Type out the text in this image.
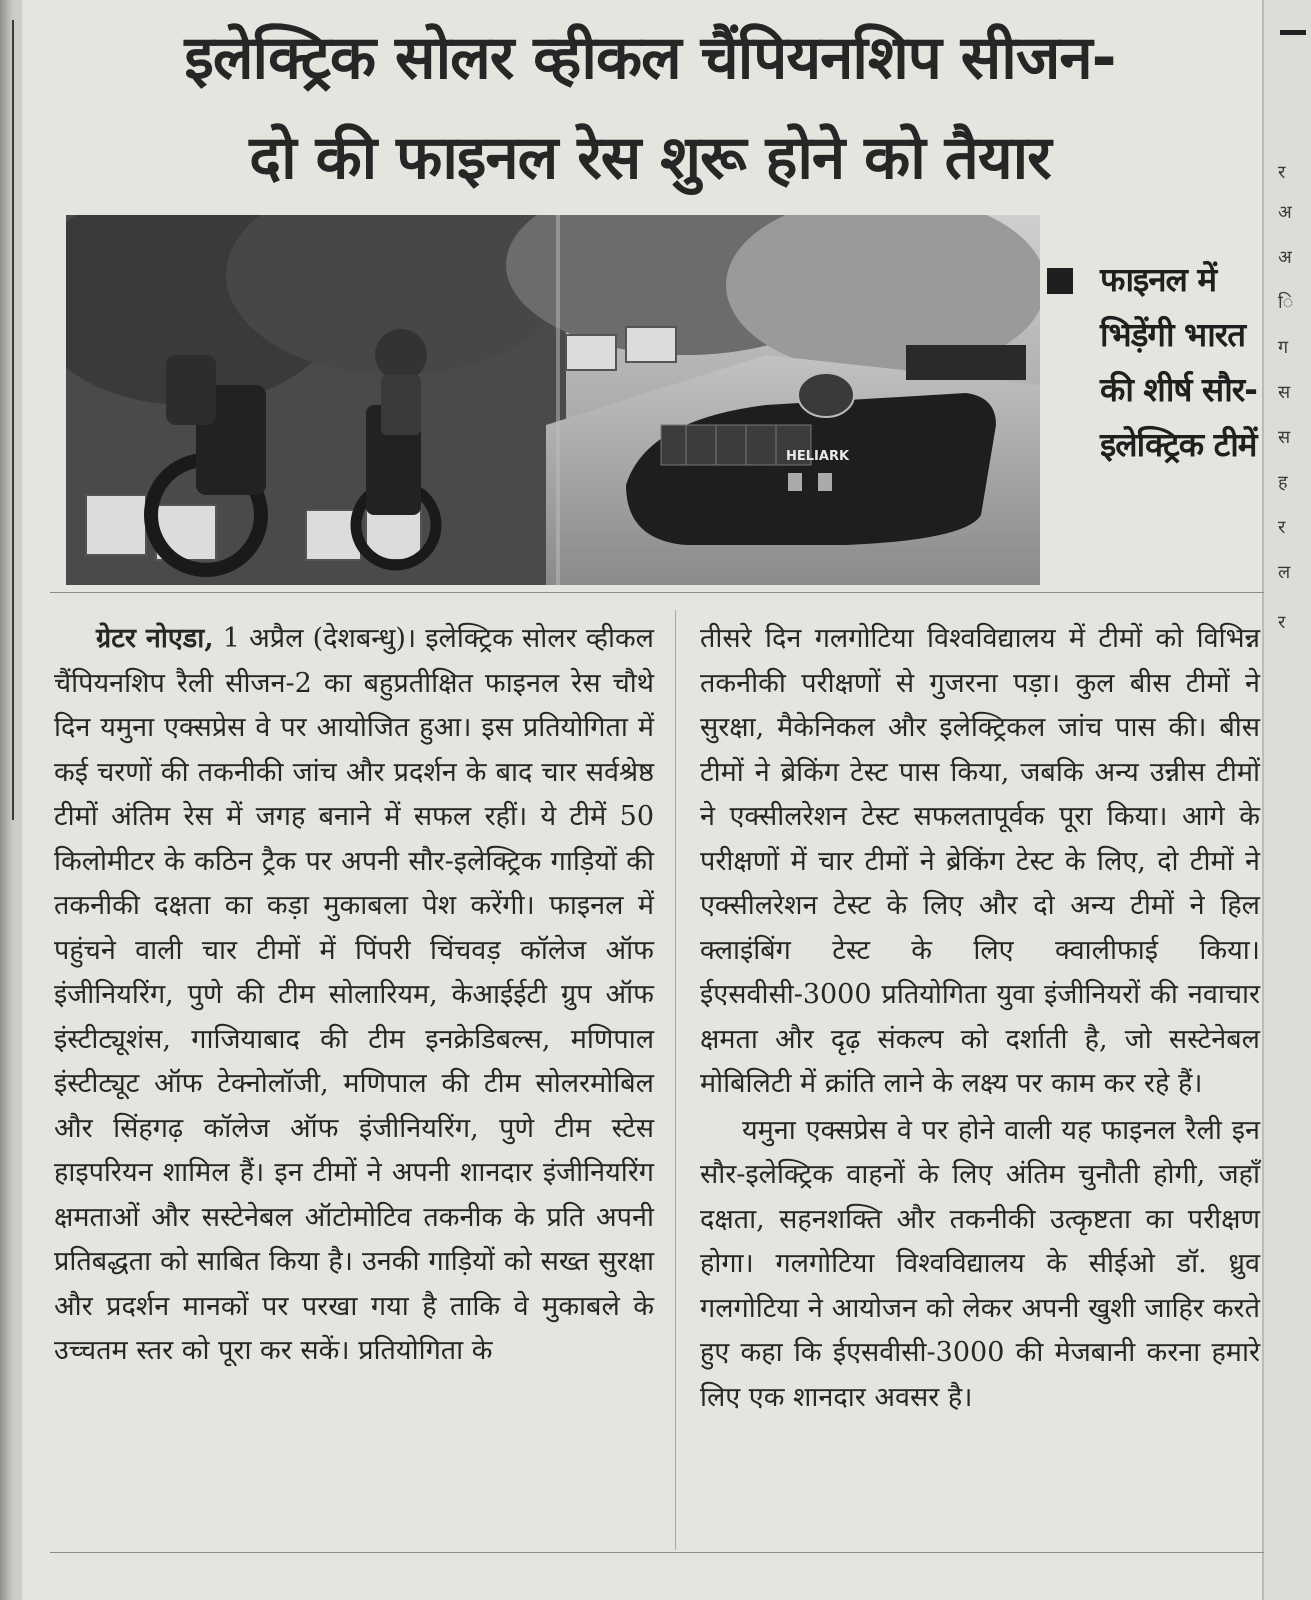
र
अ
अ
ि
ग
स
स
ह
र
ल
र
इलेक्ट्रिक सोलर व्हीकल चैंपियनशिप सीजन-
दो की फाइनल रेस शुरू होने को तैयार
HELIARK
फाइनल में भिड़ेंगी भारत की शीर्ष सौर-इलेक्ट्रिक टीमें

ग्रेटर नोएडा, 1 अप्रैल (देशबन्धु)। इलेक्ट्रिक सोलर व्हीकल चैंपियनशिप रैली सीजन-2 का बहुप्रतीक्षित फाइनल रेस चौथे दिन यमुना एक्सप्रेस वे पर आयोजित हुआ। इस प्रतियोगिता में कई चरणों की तकनीकी जांच और प्रदर्शन के बाद चार सर्वश्रेष्ठ टीमों अंतिम रेस में जगह बनाने में सफल रहीं। ये टीमें 50 किलोमीटर के कठिन ट्रैक पर अपनी सौर-इलेक्ट्रिक गाड़ियों की तकनीकी दक्षता का कड़ा मुकाबला पेश करेंगी। फाइनल में पहुंचने वाली चार टीमों में पिंपरी चिंचवड़ कॉलेज ऑफ इंजीनियरिंग, पुणे की टीम सोलारियम, केआईईटी ग्रुप ऑफ इंस्टीट्यूशंस, गाजियाबाद की टीम इनक्रेडिबल्स, मणिपाल इंस्टीट्यूट ऑफ टेक्नोलॉजी, मणिपाल की टीम सोलरमोबिल और सिंहगढ़ कॉलेज ऑफ इंजीनियरिंग, पुणे टीम स्टेस हाइपरियन शामिल हैं। इन टीमों ने अपनी शानदार इंजीनियरिंग क्षमताओं और सस्टेनेबल ऑटोमोटिव तकनीक के प्रति अपनी प्रतिबद्धता को साबित किया है। उनकी गाड़ियों को सख्त सुरक्षा और प्रदर्शन मानकों पर परखा गया है ताकि वे मुकाबले के उच्चतम स्तर को पूरा कर सकें। प्रतियोगिता के

तीसरे दिन गलगोटिया विश्वविद्यालय में टीमों को विभिन्न तकनीकी परीक्षणों से गुजरना पड़ा। कुल बीस टीमों ने सुरक्षा, मैकेनिकल और इलेक्ट्रिकल जांच पास की। बीस टीमों ने ब्रेकिंग टेस्ट पास किया, जबकि अन्य उन्नीस टीमों ने एक्सीलरेशन टेस्ट सफलतापूर्वक पूरा किया। आगे के परीक्षणों में चार टीमों ने ब्रेकिंग टेस्ट के लिए, दो टीमों ने एक्सीलरेशन टेस्ट के लिए और दो अन्य टीमों ने हिल क्लाइंबिंग टेस्ट के लिए क्वालीफाई किया। ईएसवीसी-3000 प्रतियोगिता युवा इंजीनियरों की नवाचार क्षमता और दृढ़ संकल्प को दर्शाती है, जो सस्टेनेबल मोबिलिटी में क्रांति लाने के लक्ष्य पर काम कर रहे हैं।

यमुना एक्सप्रेस वे पर होने वाली यह फाइनल रैली इन सौर-इलेक्ट्रिक वाहनों के लिए अंतिम चुनौती होगी, जहाँ दक्षता, सहनशक्ति और तकनीकी उत्कृष्टता का परीक्षण होगा। गलगोटिया विश्वविद्यालय के सीईओ डॉ. ध्रुव गलगोटिया ने आयोजन को लेकर अपनी खुशी जाहिर करते हुए कहा कि ईएसवीसी-3000 की मेजबानी करना हमारे लिए एक शानदार अवसर है।
